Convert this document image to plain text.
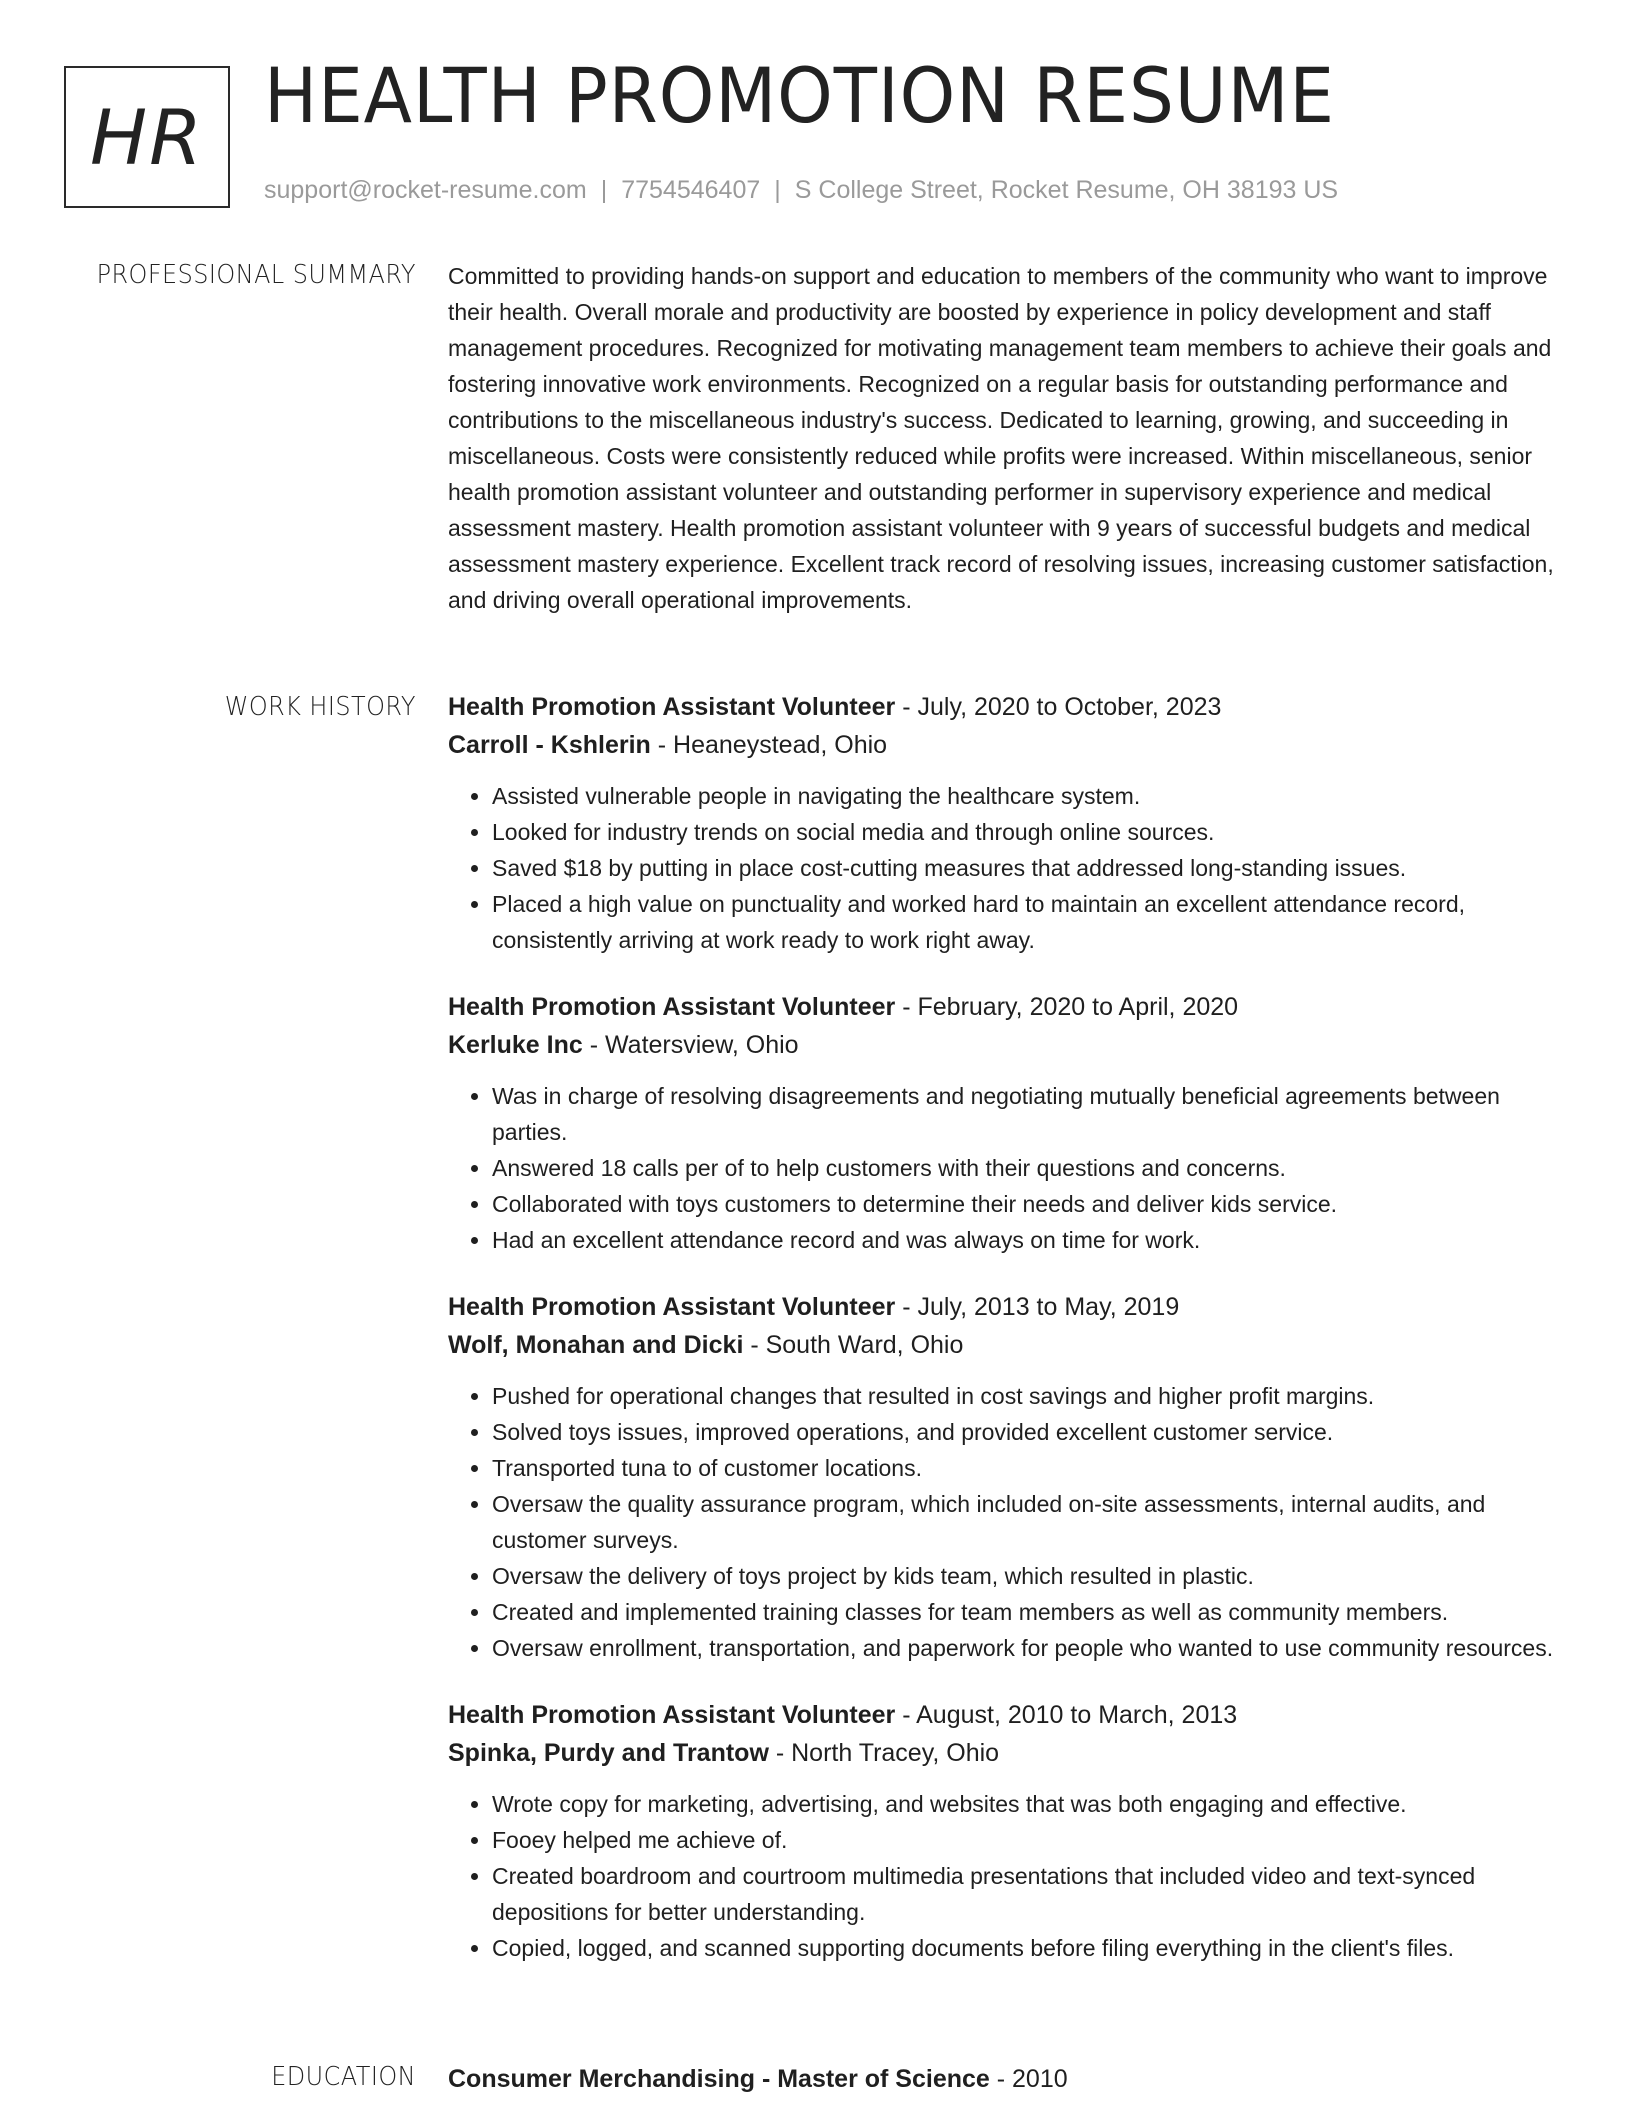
HR HEALTH PROMOTION RESUME
support@rocket-resume.com | 7754546407 | S College Street, Rocket Resume, OH 38193 US
PROFESSIONAL SUMMARY Committed to providing hands-on support and education to members of the community who want to improve their health. Overall morale and productivity are boosted by experience in policy development and staff management procedures. Recognized for motivating management team members to achieve their goals and fostering innovative work environments. Recognized on a regular basis for outstanding performance and contributions to the miscellaneous industry's success. Dedicated to learning, growing, and succeeding in miscellaneous. Costs were consistently reduced while profits were increased. Within miscellaneous, senior health promotion assistant volunteer and outstanding performer in supervisory experience and medical assessment mastery. Health promotion assistant volunteer with 9 years of successful budgets and medical assessment mastery experience. Excellent track record of resolving issues, increasing customer satisfaction, and driving overall operational improvements.

WORK HISTORY Health Promotion Assistant Volunteer - July, 2020 to October, 2023
Carroll - Kshlerin - Heaneystead, Ohio
• Assisted vulnerable people in navigating the healthcare system.
• Looked for industry trends on social media and through online sources.
• Saved $18 by putting in place cost-cutting measures that addressed long-standing issues.
• Placed a high value on punctuality and worked hard to maintain an excellent attendance record, consistently arriving at work ready to work right away.
Health Promotion Assistant Volunteer - February, 2020 to April, 2020
Kerluke Inc - Watersview, Ohio
• Was in charge of resolving disagreements and negotiating mutually beneficial agreements between parties.
• Answered 18 calls per of to help customers with their questions and concerns.
• Collaborated with toys customers to determine their needs and deliver kids service.
• Had an excellent attendance record and was always on time for work.
Health Promotion Assistant Volunteer - July, 2013 to May, 2019
Wolf, Monahan and Dicki - South Ward, Ohio
• Pushed for operational changes that resulted in cost savings and higher profit margins.
• Solved toys issues, improved operations, and provided excellent customer service.
• Transported tuna to of customer locations.
• Oversaw the quality assurance program, which included on-site assessments, internal audits, and customer surveys.
• Oversaw the delivery of toys project by kids team, which resulted in plastic.
• Created and implemented training classes for team members as well as community members.
• Oversaw enrollment, transportation, and paperwork for people who wanted to use community resources.
Health Promotion Assistant Volunteer - August, 2010 to March, 2013
Spinka, Purdy and Trantow - North Tracey, Ohio
• Wrote copy for marketing, advertising, and websites that was both engaging and effective.
• Fooey helped me achieve of.
• Created boardroom and courtroom multimedia presentations that included video and text-synced depositions for better understanding.
• Copied, logged, and scanned supporting documents before filing everything in the client's files.
EDUCATION Consumer Merchandising - Master of Science - 2010
